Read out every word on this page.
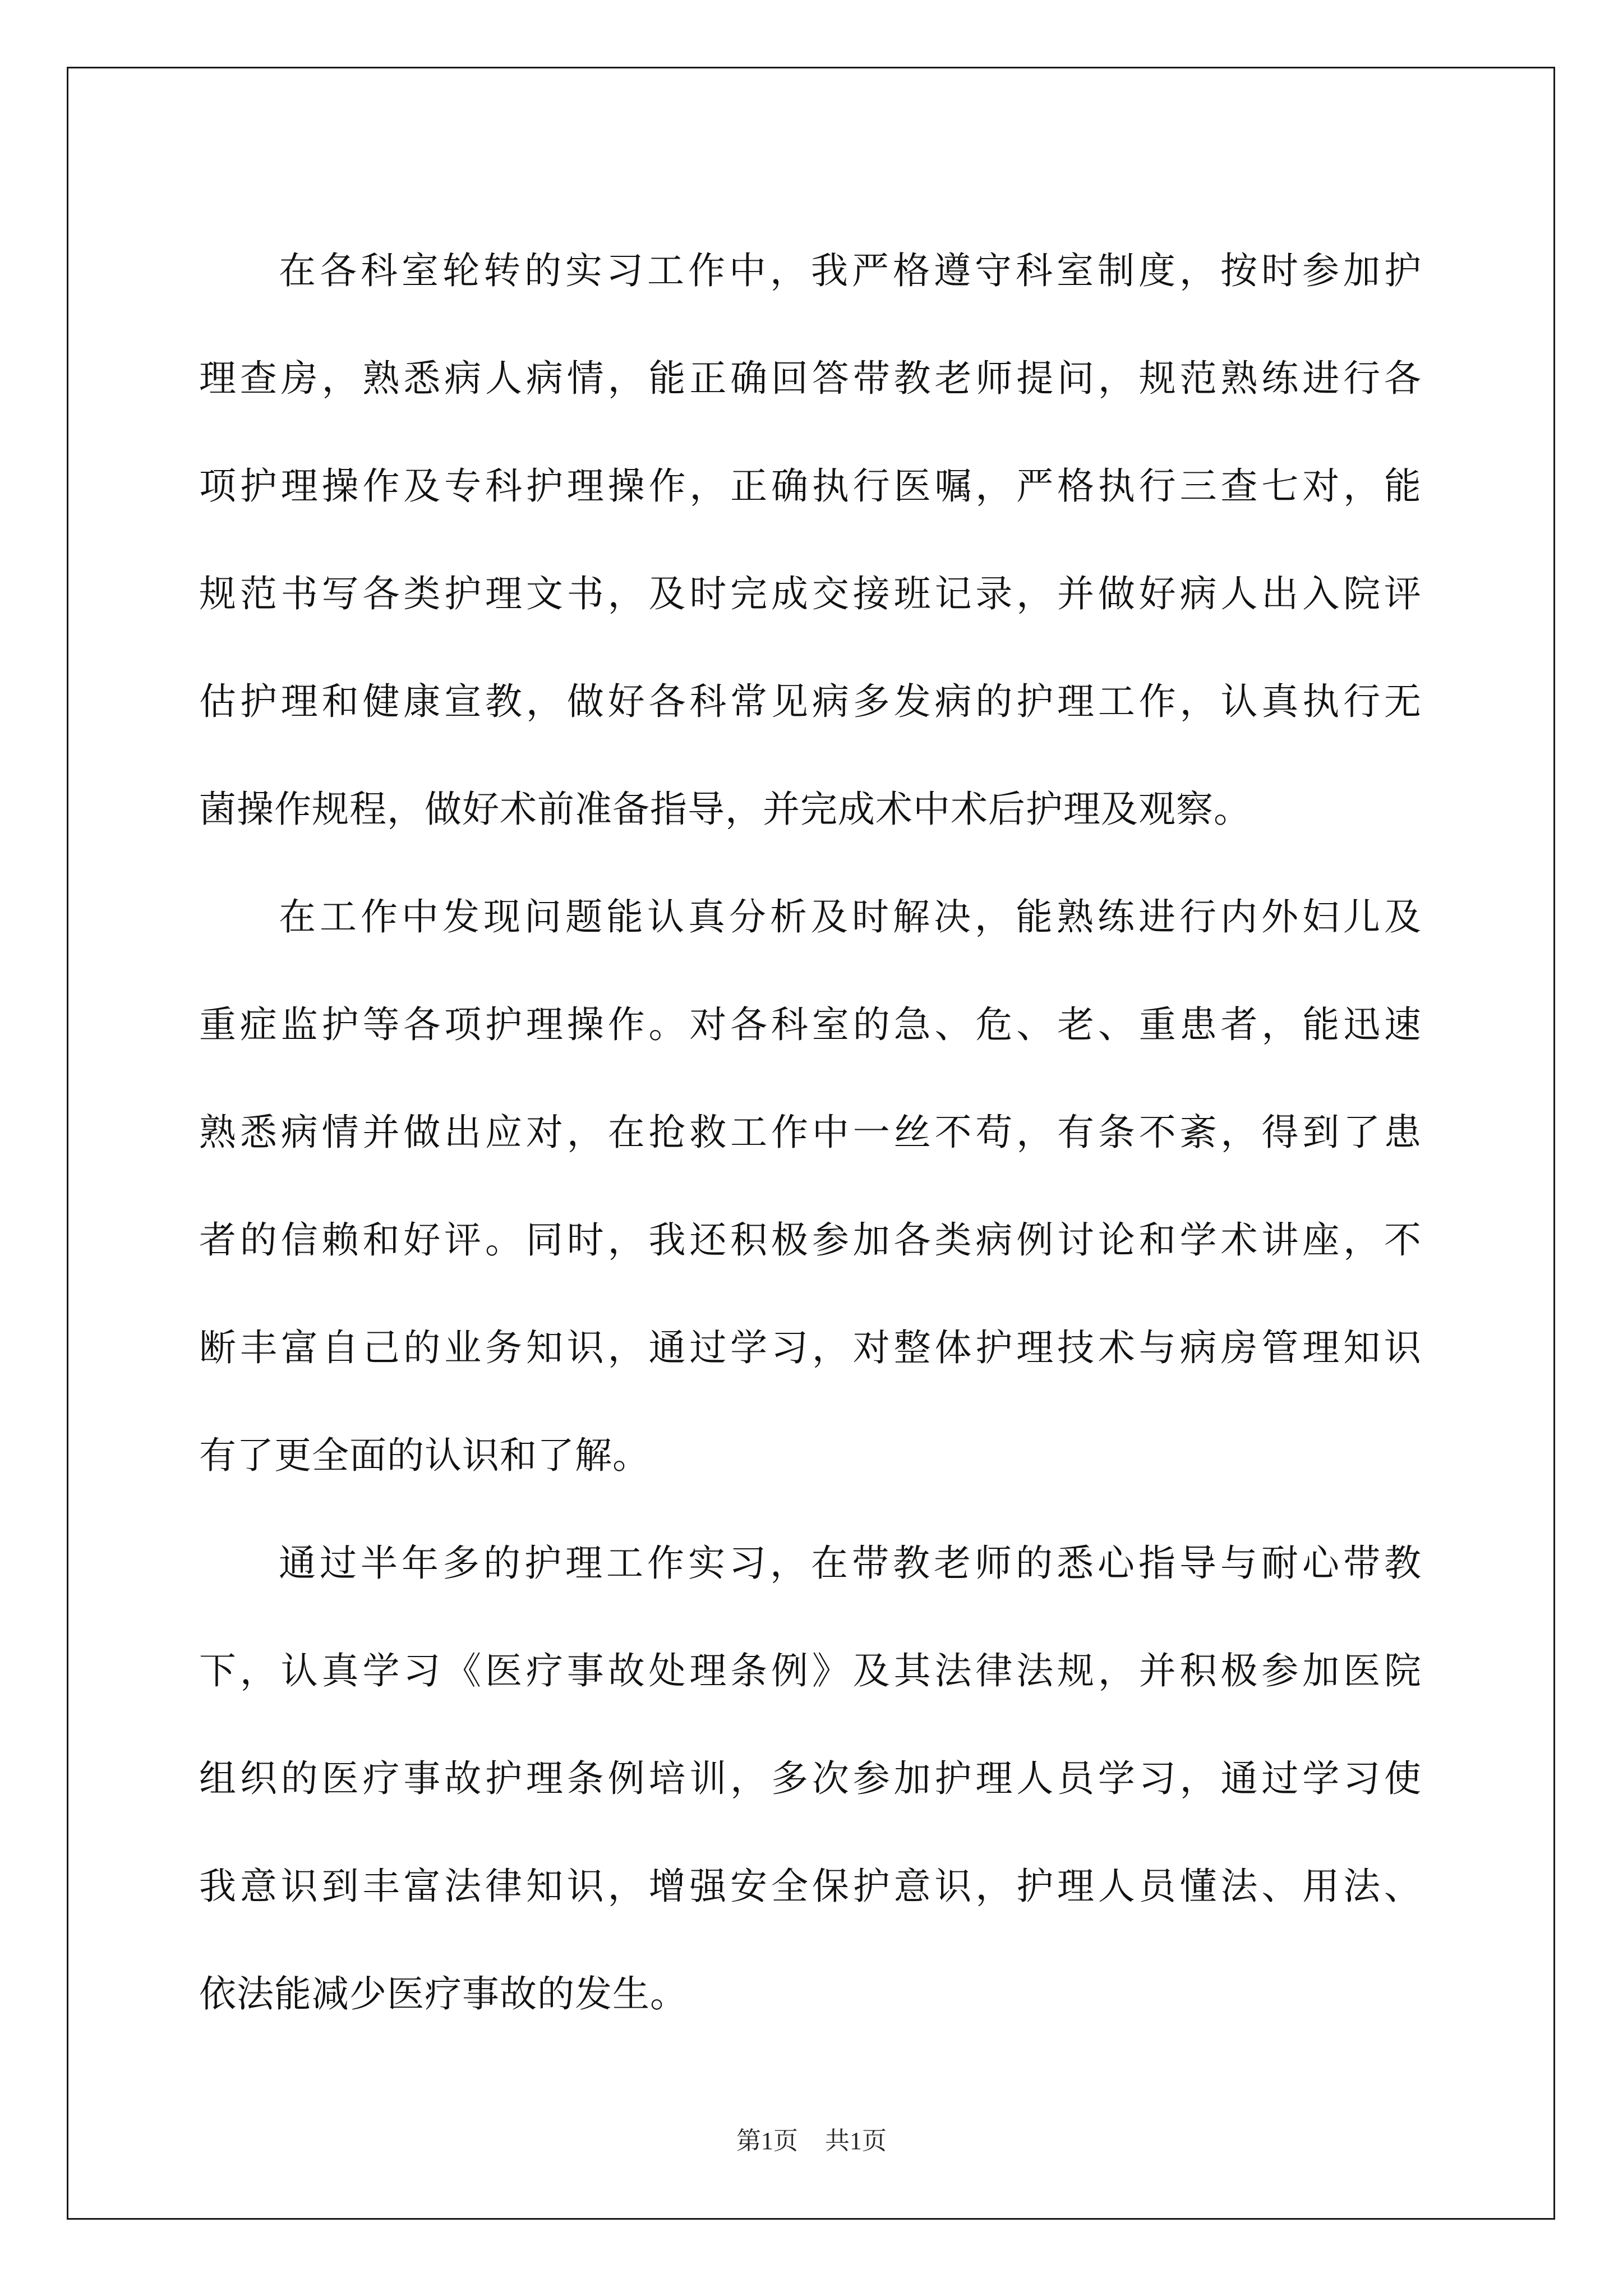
在 各 科 室 轮 转 的 实 习 工 作 中 ， 我 严 格 遵 守 科 室 制 度 ， 按 时 参 加 护
理 查 房 ， 熟 悉 病 人 病 情 ， 能 正 确 回 答 带 教 老 师 提 问 ， 规 范 熟 练 进 行 各
项 护 理 操 作 及 专 科 护 理 操 作 ， 正 确 执 行 医 嘱 ， 严 格 执 行 三 查 七 对 ， 能
规 范 书 写 各 类 护 理 文 书 ， 及 时 完 成 交 接 班 记 录 ， 并 做 好 病 人 出 入 院 评
估 护 理 和 健 康 宣 教 ， 做 好 各 科 常 见 病 多 发 病 的 护 理 工 作 ， 认 真 执 行 无
菌操作规程，做好术前准备指导，并完成术中术后护理及观察。
在 工 作 中 发 现 问 题 能 认 真 分 析 及 时 解 决 ， 能 熟 练 进 行 内 外 妇 儿 及
重 症 监 护 等 各 项 护 理 操 作 。 对 各 科 室 的 急 、 危 、 老 、 重 患 者 ， 能 迅 速
熟 悉 病 情 并 做 出 应 对 ， 在 抢 救 工 作 中 一 丝 不 苟 ， 有 条 不 紊 ， 得 到 了 患
者 的 信 赖 和 好 评 。 同 时 ， 我 还 积 极 参 加 各 类 病 例 讨 论 和 学 术 讲 座 ， 不
断 丰 富 自 己 的 业 务 知 识 ， 通 过 学 习 ， 对 整 体 护 理 技 术 与 病 房 管 理 知 识
有了更全面的认识和了解。
通 过 半 年 多 的 护 理 工 作 实 习 ， 在 带 教 老 师 的 悉 心 指 导 与 耐 心 带 教
下 ， 认 真 学 习 《 医 疗 事 故 处 理 条 例 》 及 其 法 律 法 规 ， 并 积 极 参 加 医 院
组 织 的 医 疗 事 故 护 理 条 例 培 训 ， 多 次 参 加 护 理 人 员 学 习 ， 通 过 学 习 使
我 意 识 到 丰 富 法 律 知 识 ， 增 强 安 全 保 护 意 识 ， 护 理 人 员 懂 法 、 用 法 、
依法能减少医疗事故的发生。
第1页 共1页
